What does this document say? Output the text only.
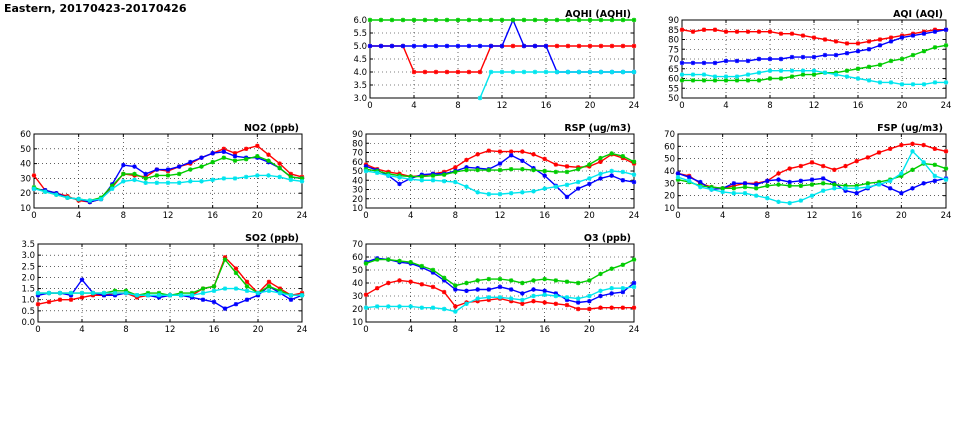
Eastern, 20170423-20170426
0	4	8	12	16	20	24
3.0
3.5
4.0
4.5
5.0
5.5
6.0
AQHI (AQHI)
0	4	8	12	16	20	24
50
55
60
65
70
75
80
85
90
AQI (AQI)
0	4	8	12	16	20	24
10
20
30
40
50
60
NO2 (ppb)
0	4	8	12	16	20	24
10
20
30
40
50
60
70
80
90
RSP (ug/m3)
0	4	8	12	16	20	24
10
20
30
40
50
60
70
FSP (ug/m3)
0	4	8	12	16	20	24
0.0
0.5
1.0
1.5
2.0
2.5
3.0
3.5
SO2 (ppb)
0	4	8	12	16	20	24
10
20
30
40
50
60
70
O3 (ppb)
